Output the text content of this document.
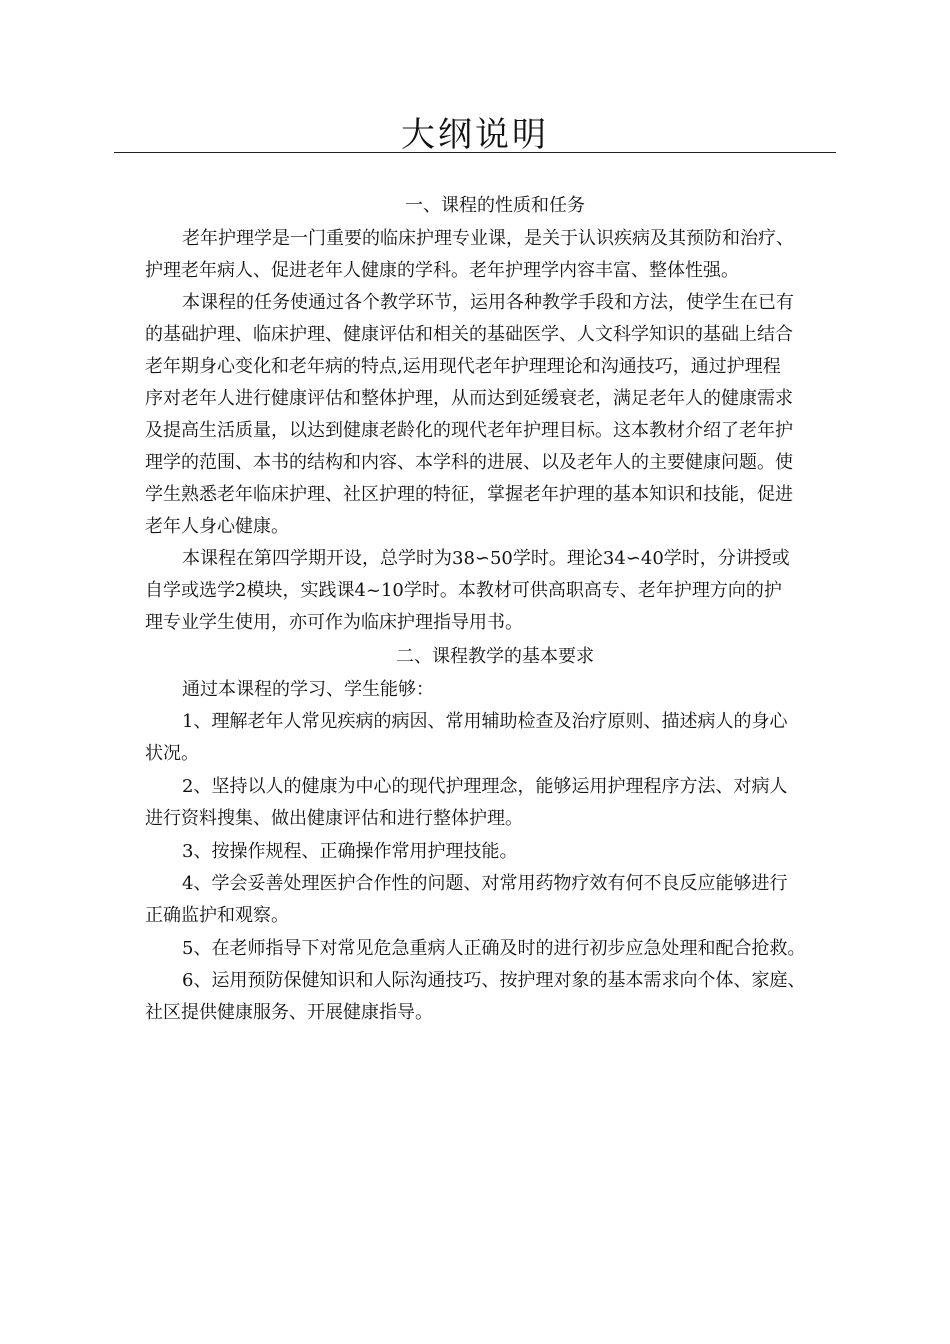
大纲说明
一、课程的性质和任务
老年护理学是一门重要的临床护理专业课，是关于认识疾病及其预防和治疗、
护理老年病人、促进老年人健康的学科。老年护理学内容丰富、整体性强。
本课程的任务使通过各个教学环节，运用各种教学手段和方法，使学生在已有
的基础护理、临床护理、健康评估和相关的基础医学、人文科学知识的基础上结合
老年期身心变化和老年病的特点,运用现代老年护理理论和沟通技巧，通过护理程
序对老年人进行健康评估和整体护理，从而达到延缓衰老，满足老年人的健康需求
及提高生活质量，以达到健康老龄化的现代老年护理目标。这本教材介绍了老年护
理学的范围、本书的结构和内容、本学科的进展、以及老年人的主要健康问题。使
学生熟悉老年临床护理、社区护理的特征，掌握老年护理的基本知识和技能，促进
老年人身心健康。
本课程在第四学期开设，总学时为38∽50学时。理论34∽40学时，分讲授或
自学或选学2模块，实践课4~10学时。本教材可供高职高专、老年护理方向的护
理专业学生使用，亦可作为临床护理指导用书。
二、课程教学的基本要求
通过本课程的学习、学生能够：
1、理解老年人常见疾病的病因、常用辅助检查及治疗原则、描述病人的身心
状况。
2、坚持以人的健康为中心的现代护理理念，能够运用护理程序方法、对病人
进行资料搜集、做出健康评估和进行整体护理。
3、按操作规程、正确操作常用护理技能。
4、学会妥善处理医护合作性的问题、对常用药物疗效有何不良反应能够进行
正确监护和观察。
5、在老师指导下对常见危急重病人正确及时的进行初步应急处理和配合抢救。
6、运用预防保健知识和人际沟通技巧、按护理对象的基本需求向个体、家庭、
社区提供健康服务、开展健康指导。
